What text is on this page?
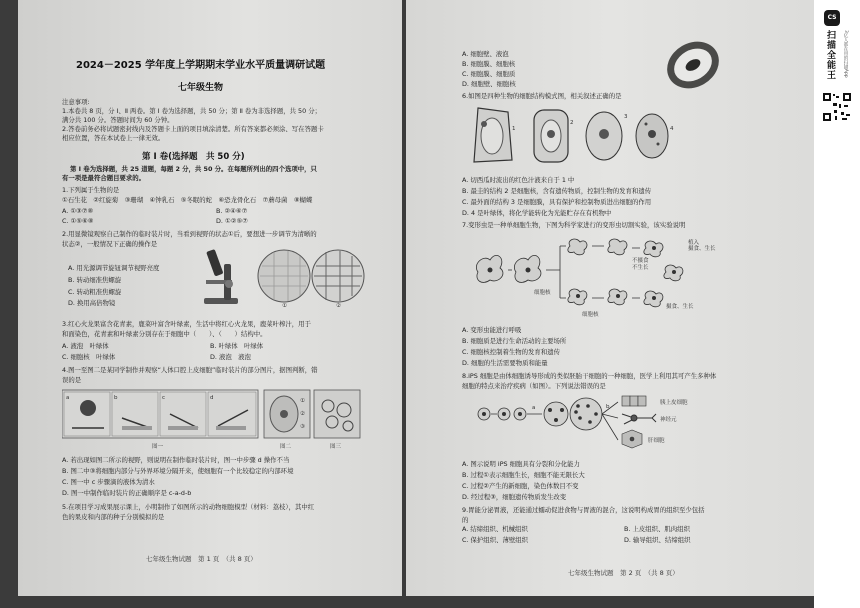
2024－2025 学年度上学期期末学业水平质量调研试题
七年级生物
注意事项:
1.本卷共 8 页，分 Ⅰ、Ⅱ 两卷。第 Ⅰ 卷为选择题，共 50 分；第 Ⅱ 卷为非选择题，共 50 分；
满分共 100 分。答题时间为 60 分钟。
2.答卷前务必将试题密封线内及答题卡上面的项目填涂清楚。所有答案都必须涂、写在答题卡
相应位置，答在本试卷上一律无效。
第 Ⅰ 卷(选择题　共 50 分)
第 Ⅰ 卷为选择题，共 25 道题，每题 2 分，共 50 分。在每题所列出的四个选项中，只
有一项是最符合题目要求的。
1.下列属于生物的是
①石生花　②红旋菊　③珊瑚　④钟乳石　⑤冬眠的蛇　⑥恐龙骨化石　⑦蘑母菌　⑧蝴蝶
A. ①③⑦⑧	B. ②④⑥⑦
C. ①⑤⑥⑧	D. ①②⑤⑦
2.用显微镜观察自己制作的临时装片时，当看到视野的状态①后，要想进一步调节为清晰的
状态②，一般情况下正确的操作是
A. 用光源调节旋钮调节视野亮度
B. 转动细准焦螺旋
C. 转动粗准焦螺旋
D. 换用高倍物镜	①	②
3.红心火龙果富含花青素，鹿菜叶富含叶绿素，生活中将红心火龙果，鹿菜叶榨汁，用于
和面染色，花青素和叶绿素分别存在于细胞中（　　）、（　　）结构中。
A. 液泡　叶绿体	B. 叶绿体　叶绿体
C. 细胞核　叶绿体	D. 液泡　液泡
4.图一至图二是某同学制作并观察“人体口腔上皮细胞”临时装片的部分图片，据图判断，错
误的是
a	b	c	d	①
②
③
图一	图二	图三
A. 若出现如图二所示的视野，则说明在制作临时装片时，图一中步骤 d 操作不当
B. 图二中③将细胞内部分与外界环境分隔开来，使细胞有一个比较稳定的内部环境
C. 图一中 c 步骤滴的液体为清水
D. 图一中制作临时装片的正确顺序是 c-a-d-b
5.在项目学习成果展示课上，小明制作了如图所示的动物细胞模型（材料：荔枝），其中红
色的果皮和内部的种子分别模拟的是
七年级生物试题　第 1 页　（共 8 页）
A. 细胞壁、液泡
B. 细胞膜、细胞核
C. 细胞膜、细胞质
D. 细胞壁、细胞核
6.如图是四种生物的细胞结构模式图，相关叙述正确的是
1
2
3
4
A. 切西瓜时流出的红色汁液来自于 1 中
B. 最圭的结构 2 是细胞核，含有遗传物质，控制生物的发育和遗传
C. 最外面的结构 3 是细胞膜，具有保护和控制物质进出细胞的作用
D. 4 是叶绿体，将化学能转化为光能贮存在有机物中
7.变形虫是一种单细胞生物，下图为科学家进行的变形虫切割实验，该实验说明
不摄食
不生长
摄食、生长
细胞核
植入
细胞核
摄食、生长
A. 变形虫能进行呼吸
B. 细胞质是进行生命活动的主要场所
C. 细胞核控制着生物的发育和遗传
D. 细胞的生活需要物质和能量
8.iPS 细胞是由体细胞诱导形成的类似胚胎干细胞的一种细胞，医学上利用其可产生多种体
细胞的特点来治疗疾病（如图）。下列说法错误的是
a	b
胰上皮细胞
神经元
肝细胞
A. 图示说明 iPS 细胞具有分裂和分化能力
B. 过程①表示细胞生长，细胞不能无限长大
C. 过程②产生的新细胞，染色体数目不变
D. 经过程③，细胞遗传物质发生改变
9.胃能分泌胃液，还能通过蠕动促进食物与胃液的混合，这说明构成胃的组织至少包括
的
A. 结缔组织、机械组织	B. 上皮组织、肌肉组织
C. 保护组织、薄壁组织	D. 输导组织、结缔组织
七年级生物试题　第 2 页　（共 8 页）
CS
扫描全能王	3亿人都在用的扫描App
